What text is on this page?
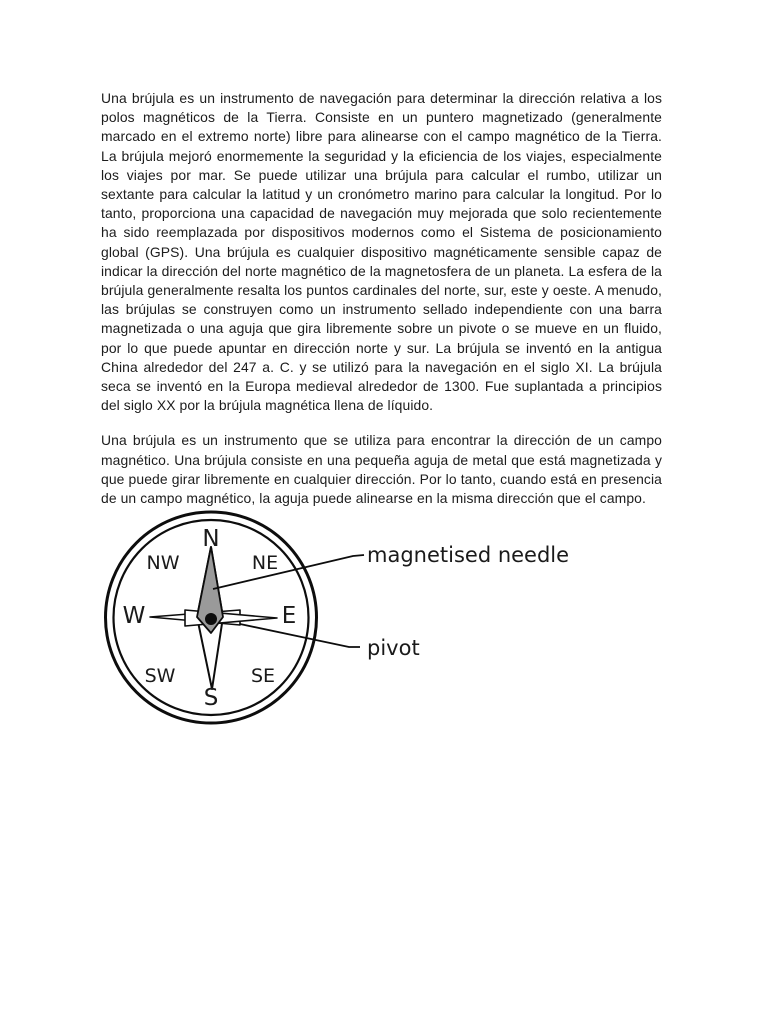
Una brújula es un instrumento de navegación para determinar la dirección relativa a los polos magnéticos de la Tierra. Consiste en un puntero magnetizado (generalmente marcado en el extremo norte) libre para alinearse con el campo magnético de la Tierra. La brújula mejoró enormemente la seguridad y la eficiencia de los viajes, especialmente los viajes por mar. Se puede utilizar una brújula para calcular el rumbo, utilizar un sextante para calcular la latitud y un cronómetro marino para calcular la longitud. Por lo tanto, proporciona una capacidad de navegación muy mejorada que solo recientemente ha sido reemplazada por dispositivos modernos como el Sistema de posicionamiento global (GPS). Una brújula es cualquier dispositivo magnéticamente sensible capaz de indicar la dirección del norte magnético de la magnetosfera de un planeta. La esfera de la brújula generalmente resalta los puntos cardinales del norte, sur, este y oeste. A menudo, las brújulas se construyen como un instrumento sellado independiente con una barra magnetizada o una aguja que gira libremente sobre un pivote o se mueve en un fluido, por lo que puede apuntar en dirección norte y sur. La brújula se inventó en la antigua China alrededor del 247 a. C. y se utilizó para la navegación en el siglo XI. La brújula seca se inventó en la Europa medieval alrededor de 1300. Fue suplantada a principios del siglo XX por la brújula magnética llena de líquido.

Una brújula es un instrumento que se utiliza para encontrar la dirección de un campo magnético. Una brújula consiste en una pequeña aguja de metal que está magnetizada y que puede girar libremente en cualquier dirección. Por lo tanto, cuando está en presencia de un campo magnético, la aguja puede alinearse en la misma dirección que el campo.

N
NE
E
SE
S
SW
W
NW	magnetised needle
pivot
